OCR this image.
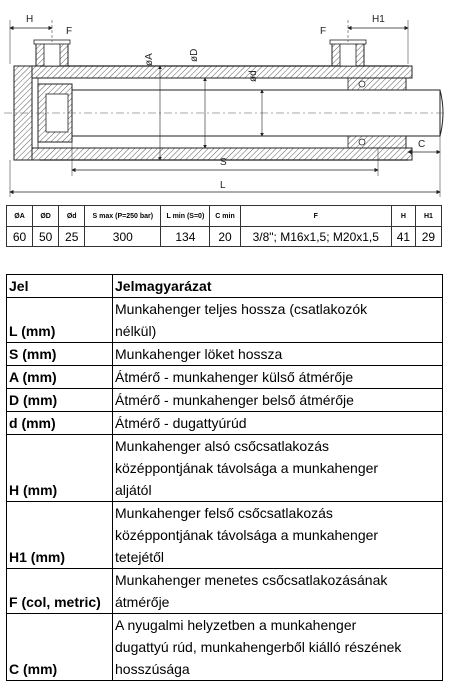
H
F
H1
F
øA	øD
ød
S
C
L
ØA	ØD	Ød	S max (P=250 bar)	L min (S=0)	C min	F	H	H1
60	50	25	300	134	20	3/8"; M16x1,5; M20x1,5	41	29
Jel	Jelmagyarázat
L (mm)	Munkahenger teljes hossza (csatlakozók
nélkül)

S (mm)	Munkahenger löket hossza

A (mm)	Átmérő - munkahenger külső átmérője

D (mm)	Átmérő - munkahenger belső átmérője

d (mm)	Átmérő - dugattyúrúd

H (mm)	Munkahenger alsó csőcsatlakozás
középpontjának távolsága a munkahenger
aljától

H1 (mm)	Munkahenger felső csőcsatlakozás
középpontjának távolsága a munkahenger
tetejétől

F (col, metric)	Munkahenger menetes csőcsatlakozásának
átmérője

C (mm)	A nyugalmi helyzetben a munkahenger
dugattyú rúd, munkahengerből kiálló részének
hosszúsága
